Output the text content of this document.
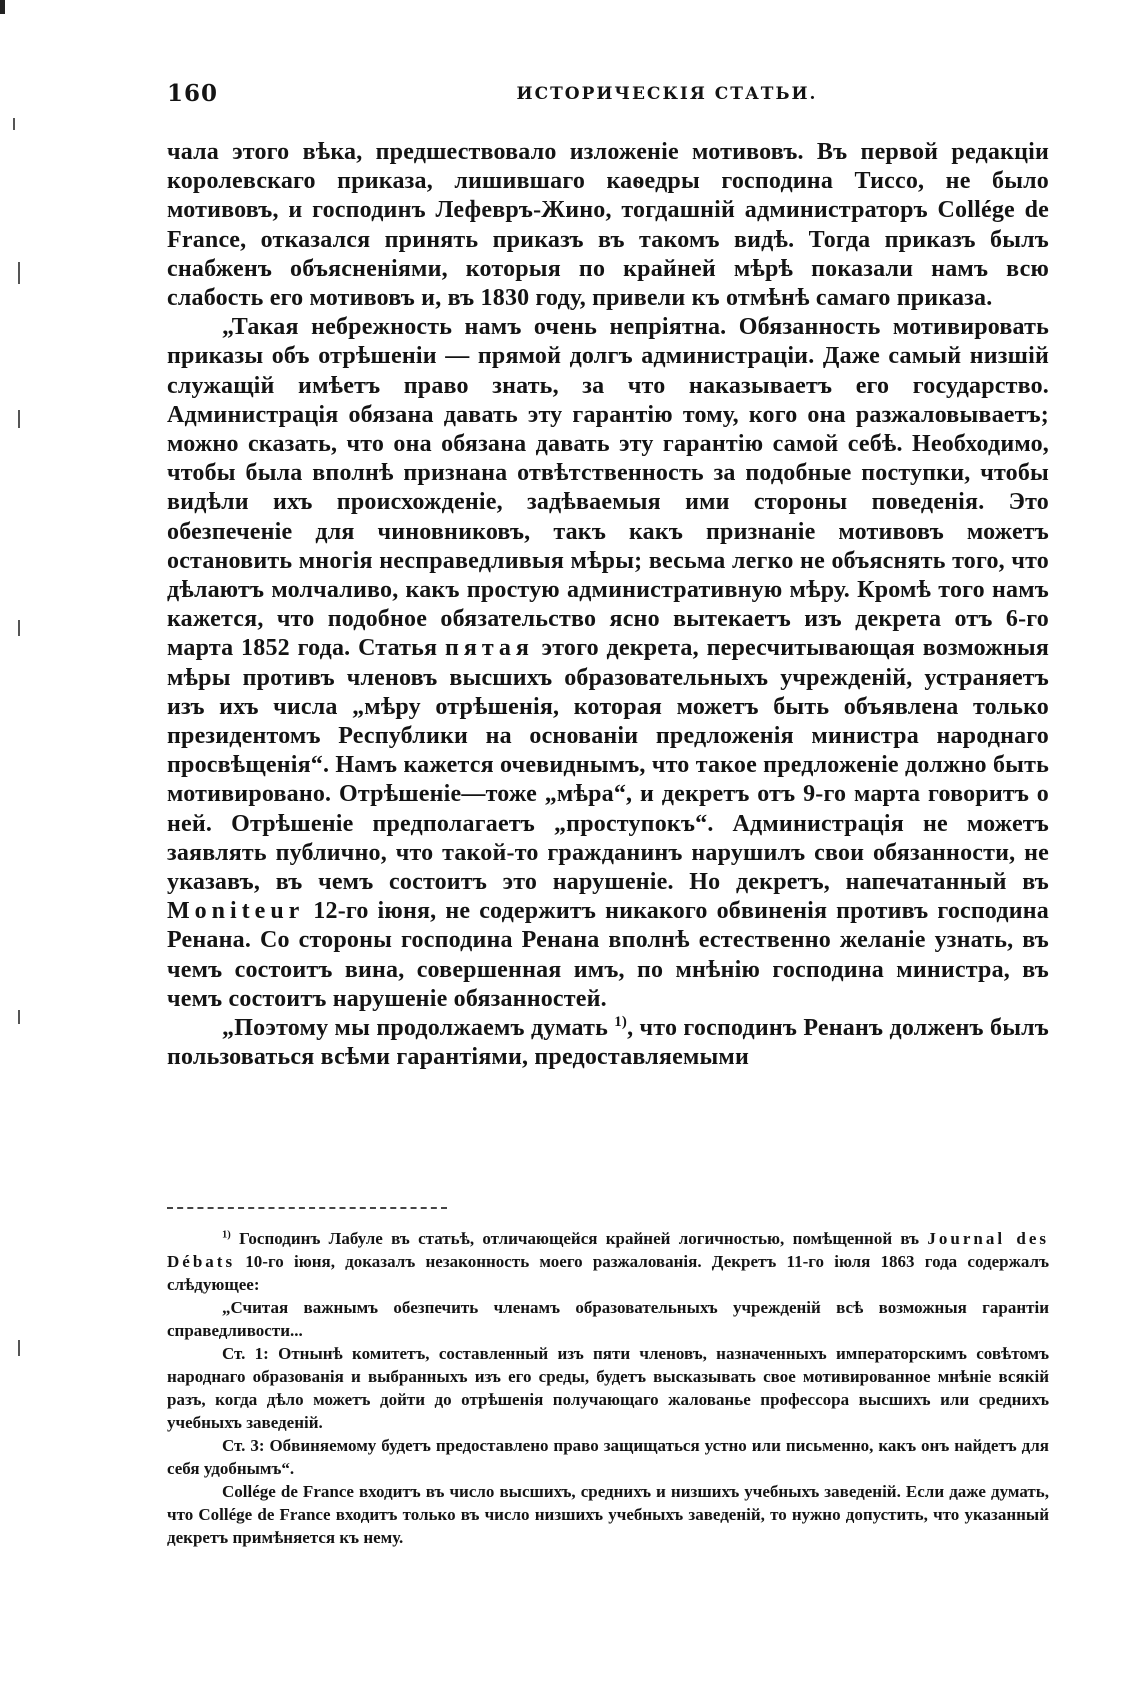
160	ИСТОРИЧЕСКІЯ СТАТЬИ.

чала этого вѣка, предшествовало изложеніе мотивовъ. Въ первой редакціи королевскаго приказа, лишившаго каѳедры господина Тиссо, не было мотивовъ, и господинъ Лефевръ-Жино, тогдашній администраторъ Collége de France, отказался принять приказъ въ такомъ видѣ. Тогда приказъ былъ снабженъ объясненіями, которыя по крайней мѣрѣ показали намъ всю слабость его мотивовъ и, въ 1830 году, привели къ отмѣнѣ самаго приказа.

„Такая небрежность намъ очень непріятна. Обязанность мотивировать приказы объ отрѣшеніи — прямой долгъ администраціи. Даже самый низшій служащій имѣетъ право знать, за что наказываетъ его государство. Администрація обязана давать эту гарантію тому, кого она разжаловываетъ; можно сказать, что она обязана давать эту гарантію самой себѣ. Необходимо, чтобы была вполнѣ признана отвѣтственность за подобные поступки, чтобы видѣли ихъ происхожденіе, задѣваемыя ими стороны поведенія. Это обезпеченіе для чиновниковъ, такъ какъ признаніе мотивовъ можетъ остановить многія несправедливыя мѣры; весьма легко не объяснять того, что дѣлаютъ молчаливо, какъ простую административную мѣру. Кромѣ того намъ кажется, что подобное обязательство ясно вытекаетъ изъ декрета отъ 6-го марта 1852 года. Статья пятая этого декрета, пересчитывающая возможныя мѣры противъ членовъ высшихъ образовательныхъ учрежденій, устраняетъ изъ ихъ числа „мѣру отрѣшенія, которая можетъ быть объявлена только президентомъ Республики на основаніи предложенія министра народнаго просвѣщенія“. Намъ кажется очевиднымъ, что такое предложеніе должно быть мотивировано. Отрѣшеніе—тоже „мѣра“, и декретъ отъ 9-го марта говоритъ о ней. Отрѣшеніе предполагаетъ „проступокъ“. Администрація не можетъ заявлять публично, что такой-то гражданинъ нарушилъ свои обязанности, не указавъ, въ чемъ состоитъ это нарушеніе. Но декретъ, напечатанный въ Moniteur 12-го іюня, не содержитъ никакого обвиненія противъ господина Ренана. Со стороны господина Ренана вполнѣ естественно желаніе узнать, въ чемъ состоитъ вина, совершенная имъ, по мнѣнію господина министра, въ чемъ состоитъ нарушеніе обязанностей.

„Поэтому мы продолжаемъ думать $^{1)}$, что господинъ Ренанъ долженъ былъ пользоваться всѣми гарантіями, предоставляемыми

$^{1)}$ Господинъ Лабуле въ статьѣ, отличающейся крайней логичностью, помѣщенной въ Journal des Débats 10-го іюня, доказалъ незаконность моего разжалованія. Декретъ 11-го іюля 1863 года содержалъ слѣдующее:

„Считая важнымъ обезпечить членамъ образовательныхъ учрежденій всѣ возможныя гарантіи справедливости...

Ст. 1: Отнынѣ комитетъ, составленный изъ пяти членовъ, назначенныхъ императорскимъ совѣтомъ народнаго образованія и выбранныхъ изъ его среды, будетъ высказывать свое мотивированное мнѣніе всякій разъ, когда дѣло можетъ дойти до отрѣшенія получающаго жалованье профессора высшихъ или среднихъ учебныхъ заведеній.

Ст. 3: Обвиняемому будетъ предоставлено право защищаться устно или письменно, какъ онъ найдетъ для себя удобнымъ“.

Collége de France входитъ въ число высшихъ, среднихъ и низшихъ учебныхъ заведеній. Если даже думать, что Collége de France входитъ только въ число низшихъ учебныхъ заведеній, то нужно допустить, что указанный декретъ примѣняется къ нему.
